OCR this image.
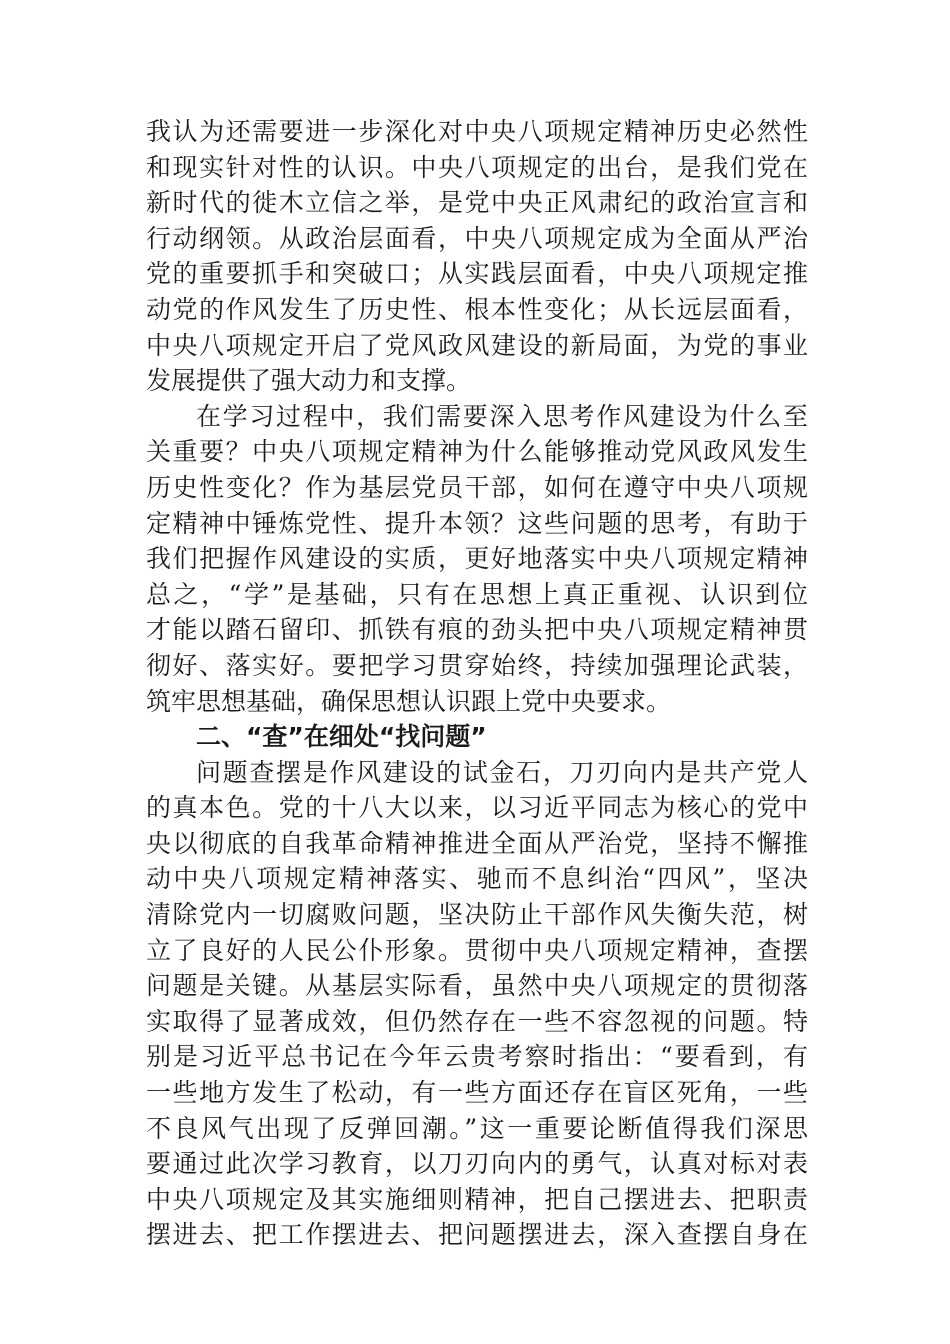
我认为还需要进一步深化对中央八项规定精神历史必然性
和现实针对性的认识。中央八项规定的出台，是我们党在
新时代的徙木立信之举，是党中央正风肃纪的政治宣言和
行动纲领。从政治层面看，中央八项规定成为全面从严治
党的重要抓手和突破口；从实践层面看，中央八项规定推
动党的作风发生了历史性、根本性变化；从长远层面看，
中央八项规定开启了党风政风建设的新局面，为党的事业
发展提供了强大动力和支撑。
在学习过程中，我们需要深入思考作风建设为什么至
关重要？中央八项规定精神为什么能够推动党风政风发生
历史性变化？作为基层党员干部，如何在遵守中央八项规
定精神中锤炼党性、提升本领？这些问题的思考，有助于
我们把握作风建设的实质，更好地落实中央八项规定精神
总之，“学”是基础，只有在思想上真正重视、认识到位
才能以踏石留印、抓铁有痕的劲头把中央八项规定精神贯
彻好、落实好。要把学习贯穿始终，持续加强理论武装，
筑牢思想基础，确保思想认识跟上党中央要求。
二、“查”在细处“找问题”
问题查摆是作风建设的试金石，刀刃向内是共产党人
的真本色。党的十八大以来，以习近平同志为核心的党中
央以彻底的自我革命精神推进全面从严治党，坚持不懈推
动中央八项规定精神落实、驰而不息纠治“四风”，坚决
清除党内一切腐败问题，坚决防止干部作风失衡失范，树
立了良好的人民公仆形象。贯彻中央八项规定精神，查摆
问题是关键。从基层实际看，虽然中央八项规定的贯彻落
实取得了显著成效，但仍然存在一些不容忽视的问题。特
别是习近平总书记在今年云贵考察时指出：“要看到，有
一些地方发生了松动，有一些方面还存在盲区死角，一些
不良风气出现了反弹回潮。”这一重要论断值得我们深思
要通过此次学习教育，以刀刃向内的勇气，认真对标对表
中央八项规定及其实施细则精神，把自己摆进去、把职责
摆进去、把工作摆进去、把问题摆进去，深入查摆自身在
